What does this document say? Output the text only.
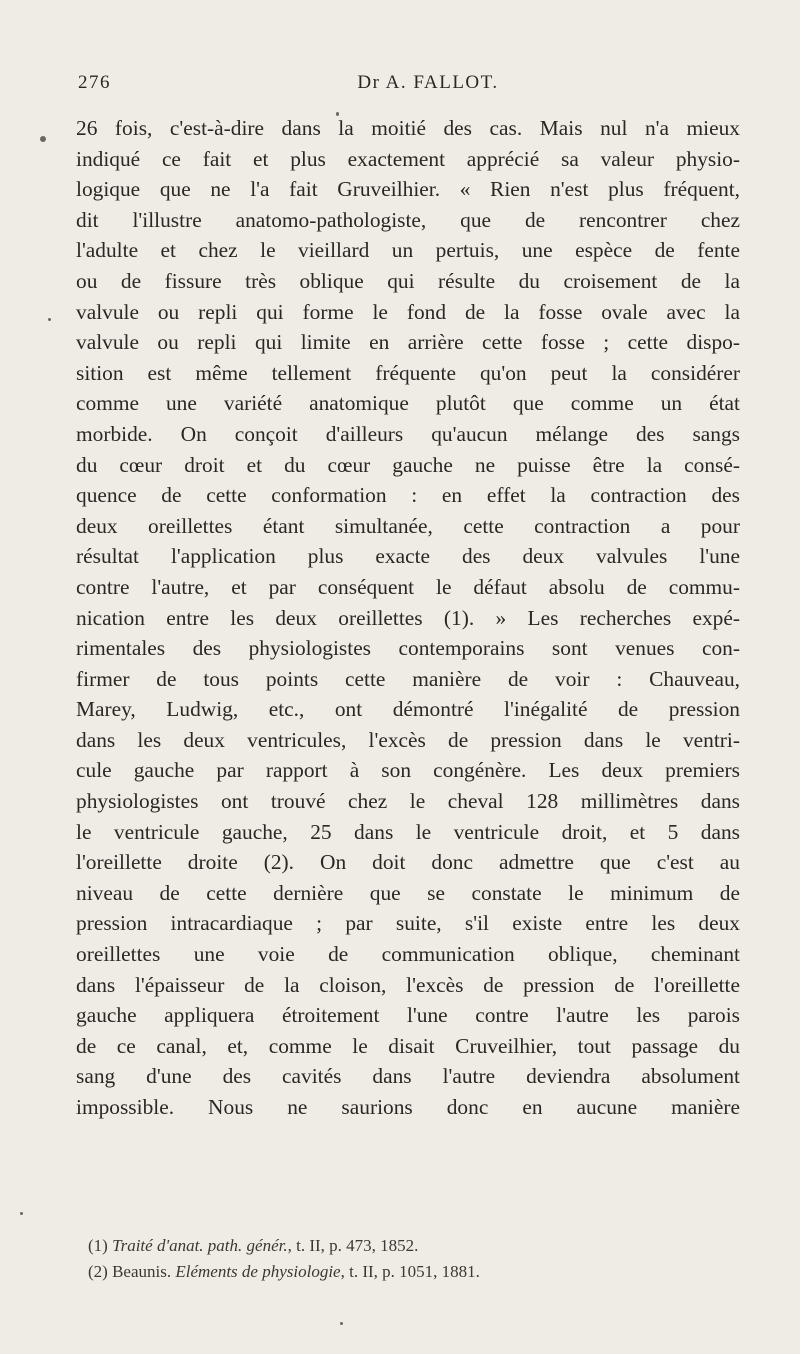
276	Dr A. FALLOT.
26 fois, c'est-à-dire dans la moitié des cas. Mais nul n'a mieux
indiqué ce fait et plus exactement apprécié sa valeur physio-
logique que ne l'a fait Gruveilhier. « Rien n'est plus fréquent,
dit l'illustre anatomo-pathologiste, que de rencontrer chez
l'adulte et chez le vieillard un pertuis, une espèce de fente
ou de fissure très oblique qui résulte du croisement de la
valvule ou repli qui forme le fond de la fosse ovale avec la
valvule ou repli qui limite en arrière cette fosse ; cette dispo-
sition est même tellement fréquente qu'on peut la considérer
comme une variété anatomique plutôt que comme un état
morbide. On conçoit d'ailleurs qu'aucun mélange des sangs
du cœur droit et du cœur gauche ne puisse être la consé-
quence de cette conformation : en effet la contraction des
deux oreillettes étant simultanée, cette contraction a pour
résultat l'application plus exacte des deux valvules l'une
contre l'autre, et par conséquent le défaut absolu de commu-
nication entre les deux oreillettes (1). » Les recherches expé-
rimentales des physiologistes contemporains sont venues con-
firmer de tous points cette manière de voir : Chauveau,
Marey, Ludwig, etc., ont démontré l'inégalité de pression
dans les deux ventricules, l'excès de pression dans le ventri-
cule gauche par rapport à son congénère. Les deux premiers
physiologistes ont trouvé chez le cheval 128 millimètres dans
le ventricule gauche, 25 dans le ventricule droit, et 5 dans
l'oreillette droite (2). On doit donc admettre que c'est au
niveau de cette dernière que se constate le minimum de
pression intracardiaque ; par suite, s'il existe entre les deux
oreillettes une voie de communication oblique, cheminant
dans l'épaisseur de la cloison, l'excès de pression de l'oreillette
gauche appliquera étroitement l'une contre l'autre les parois
de ce canal, et, comme le disait Cruveilhier, tout passage du
sang d'une des cavités dans l'autre deviendra absolument
impossible. Nous ne saurions donc en aucune manière
(1) Traité d'anat. path. génér., t. II, p. 473, 1852.
(2) Beaunis. Eléments de physiologie, t. II, p. 1051, 1881.
